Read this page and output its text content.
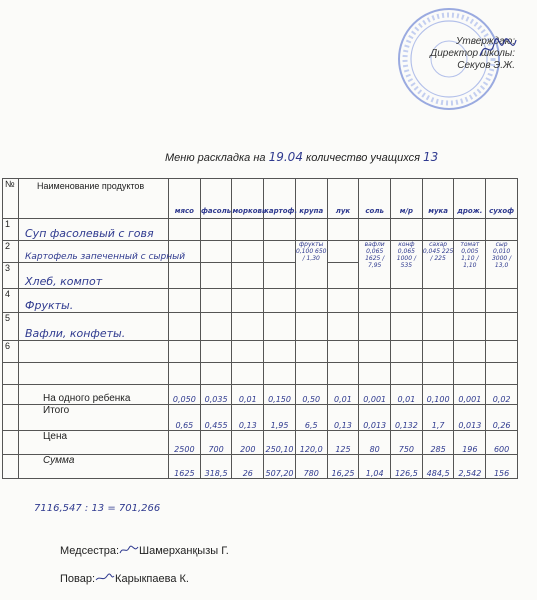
Утверждаю:
Директор школы:
Секуов Э.Ж.
Меню раскладка на 19.04 количество учащихся 13
№	Наименование продуктов	мясо	фасоль	морковь	картоф.	крупа	лук	соль	м/р	мука	дрож.	сухоф
1	Суп фасолевый с говя											
2	Картофель запеченный с сырный					фрукты 0,100 650 / 1,30		вафли 0,065 1625 / 7,95	конф 0,065 1000 / 535	сахар 0,045 225 / 225	томат 0,005 1,10 / 1,10	сыр 0,010 3000 / 13,0
3	Хлеб, компот											
4	Фрукты.											
5	Вафли, конфеты.											
6												

	На одного ребенка	0,050	0,035	0,01	0,150	0,50	0,01	0,001	0,01	0,100	0,001	0,02
	Итого	0,65	0,455	0,13	1,95	6,5	0,13	0,013	0,132	1,7	0,013	0,26
	Цена	2500	700	200	250,10	120,0	125	80	750	285	196	600
	Сумма	1625	318,5	26	507,20	780	16,25	1,04	126,5	484,5	2,542	156
7116,547 : 13 = 701,266
Медсестра: Шамерханқызы Г.
Повар: Карыкпаева К.
